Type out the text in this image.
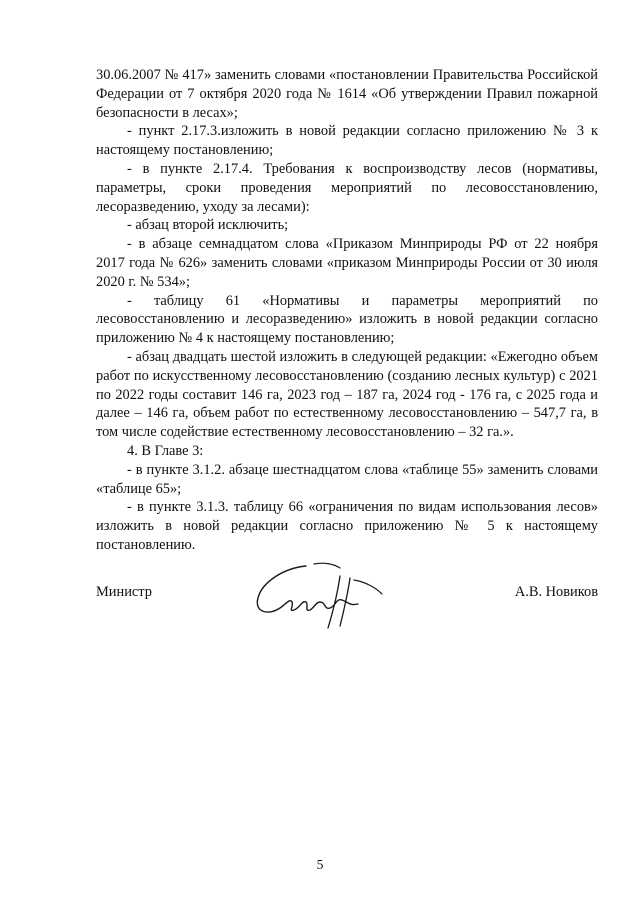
30.06.2007 № 417» заменить словами «постановлении Правительства Российской Федерации от 7 октября 2020 года № 1614 «Об утверждении Правил пожарной безопасности в лесах»;

- пункт 2.17.3.изложить в новой редакции согласно приложению № 3 к настоящему постановлению;

- в пункте 2.17.4. Требования к воспроизводству лесов (нормативы, параметры, сроки проведения мероприятий по лесовосстановлению, лесоразведению, уходу за лесами):

- абзац второй исключить;

- в абзаце семнадцатом слова «Приказом Минприроды РФ от 22 ноября 2017 года № 626» заменить словами «приказом Минприроды России от 30 июля 2020 г. № 534»;

- таблицу 61 «Нормативы и параметры мероприятий по лесовосстановлению и лесоразведению» изложить в новой редакции согласно приложению № 4 к настоящему постановлению;

- абзац двадцать шестой изложить в следующей редакции: «Ежегодно объем работ по искусственному лесовосстановлению (созданию лесных культур) с 2021 по 2022 годы составит 146 га, 2023 год – 187 га, 2024 год - 176 га, с 2025 года и далее – 146 га, объем работ по естественному лесовосстановлению – 547,7 га, в том числе содействие естественному лесовосстановлению – 32 га.».

4. В Главе 3:

- в пункте 3.1.2. абзаце шестнадцатом слова «таблице 55» заменить словами «таблице 65»;

- в пункте 3.1.3. таблицу 66 «ограничения по видам использования лесов» изложить в новой редакции согласно приложению № 5 к настоящему постановлению.

Министр	А.В. Новиков
5
